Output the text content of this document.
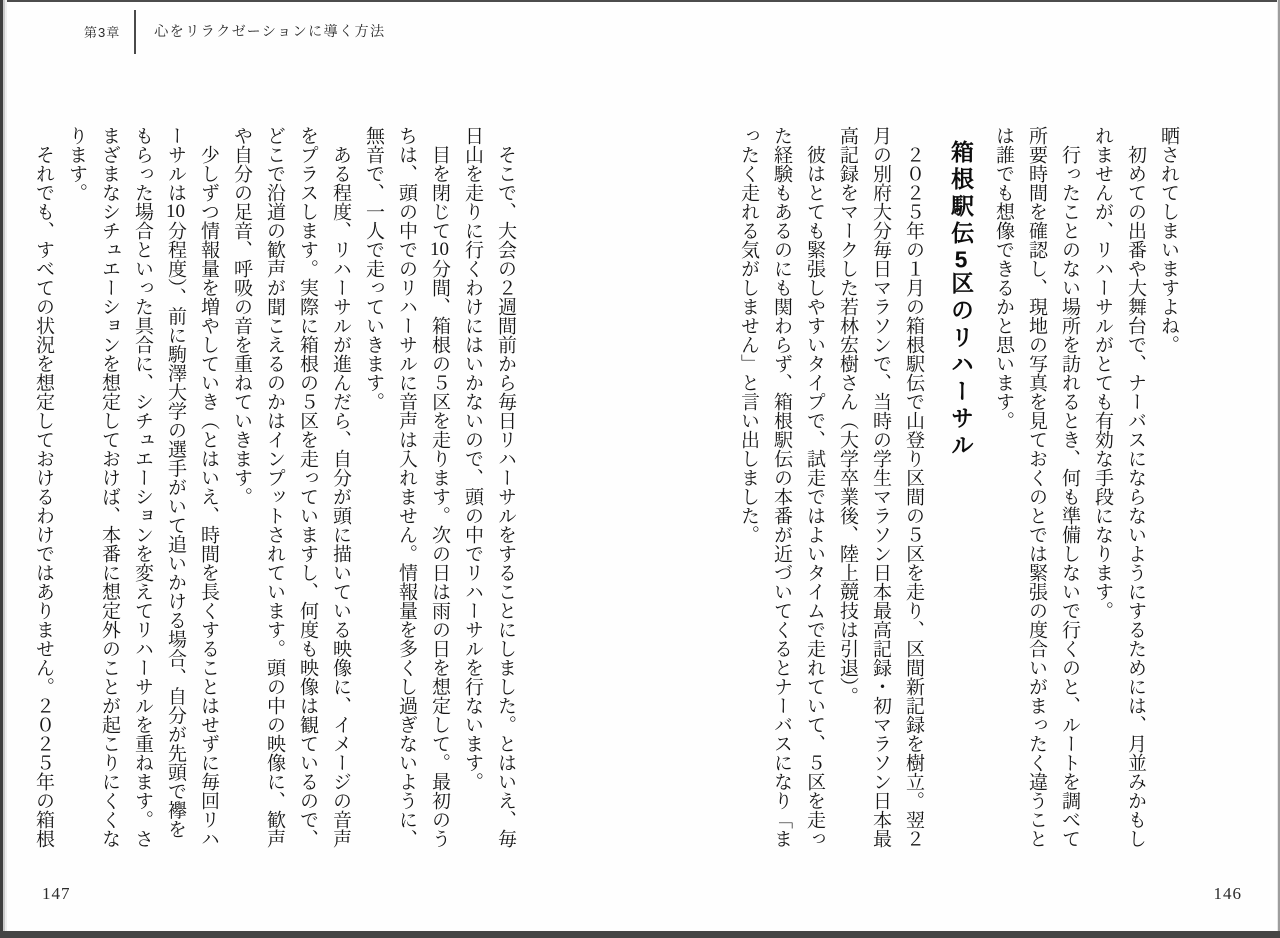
第3章	心をリラクゼーションに導く方法

晒されてしまいますよね。

初めての出番や大舞台で、ナーバスにならないようにするためには、月並みかもしれませんが、リハーサルがとても有効な手段になります。

行ったことのない場所を訪れるとき、何も準備しないで行くのと、ルートを調べて所要時間を確認し、現地の写真を見ておくのとでは緊張の度合いがまったく違うことは誰でも想像できるかと思います。

箱根駅伝5区のリハーサル

２０２５年の１月の箱根駅伝で山登り区間の５区を走り、区間新記録を樹立。翌２月の別府大分毎日マラソンで、当時の学生マラソン日本最高記録・初マラソン日本最高記録をマークした若林宏樹さん（大学卒業後、陸上競技は引退）。

彼はとても緊張しやすいタイプで、試走ではよいタイムで走れていて、５区を走った経験もあるのにも関わらず、箱根駅伝の本番が近づいてくるとナーバスになり「まったく走れる気がしません」と言い出しました。

そこで、大会の２週間前から毎日リハーサルをすることにしました。とはいえ、毎日山を走りに行くわけにはいかないので、頭の中でリハーサルを行ないます。

目を閉じて10分間、箱根の５区を走ります。次の日は雨の日を想定して。最初のうちは、頭の中でのリハーサルに音声は入れません。情報量を多くし過ぎないように、無音で、一人で走っていきます。

ある程度、リハーサルが進んだら、自分が頭に描いている映像に、イメージの音声をプラスします。実際に箱根の５区を走っていますし、何度も映像は観ているので、どこで沿道の歓声が聞こえるのかはインプットされています。頭の中の映像に、歓声や自分の足音、呼吸の音を重ねていきます。

少しずつ情報量を増やしていき（とはいえ、時間を長くすることはせずに毎回リハーサルは10分程度）、前に駒澤大学の選手がいて追いかける場合、自分が先頭で襷をもらった場合といった具合に、シチュエーションを変えてリハーサルを重ねます。さまざまなシチュエーションを想定しておけば、本番に想定外のことが起こりにくくなります。

それでも、すべての状況を想定しておけるわけではありません。２０２５年の箱根

147	146
